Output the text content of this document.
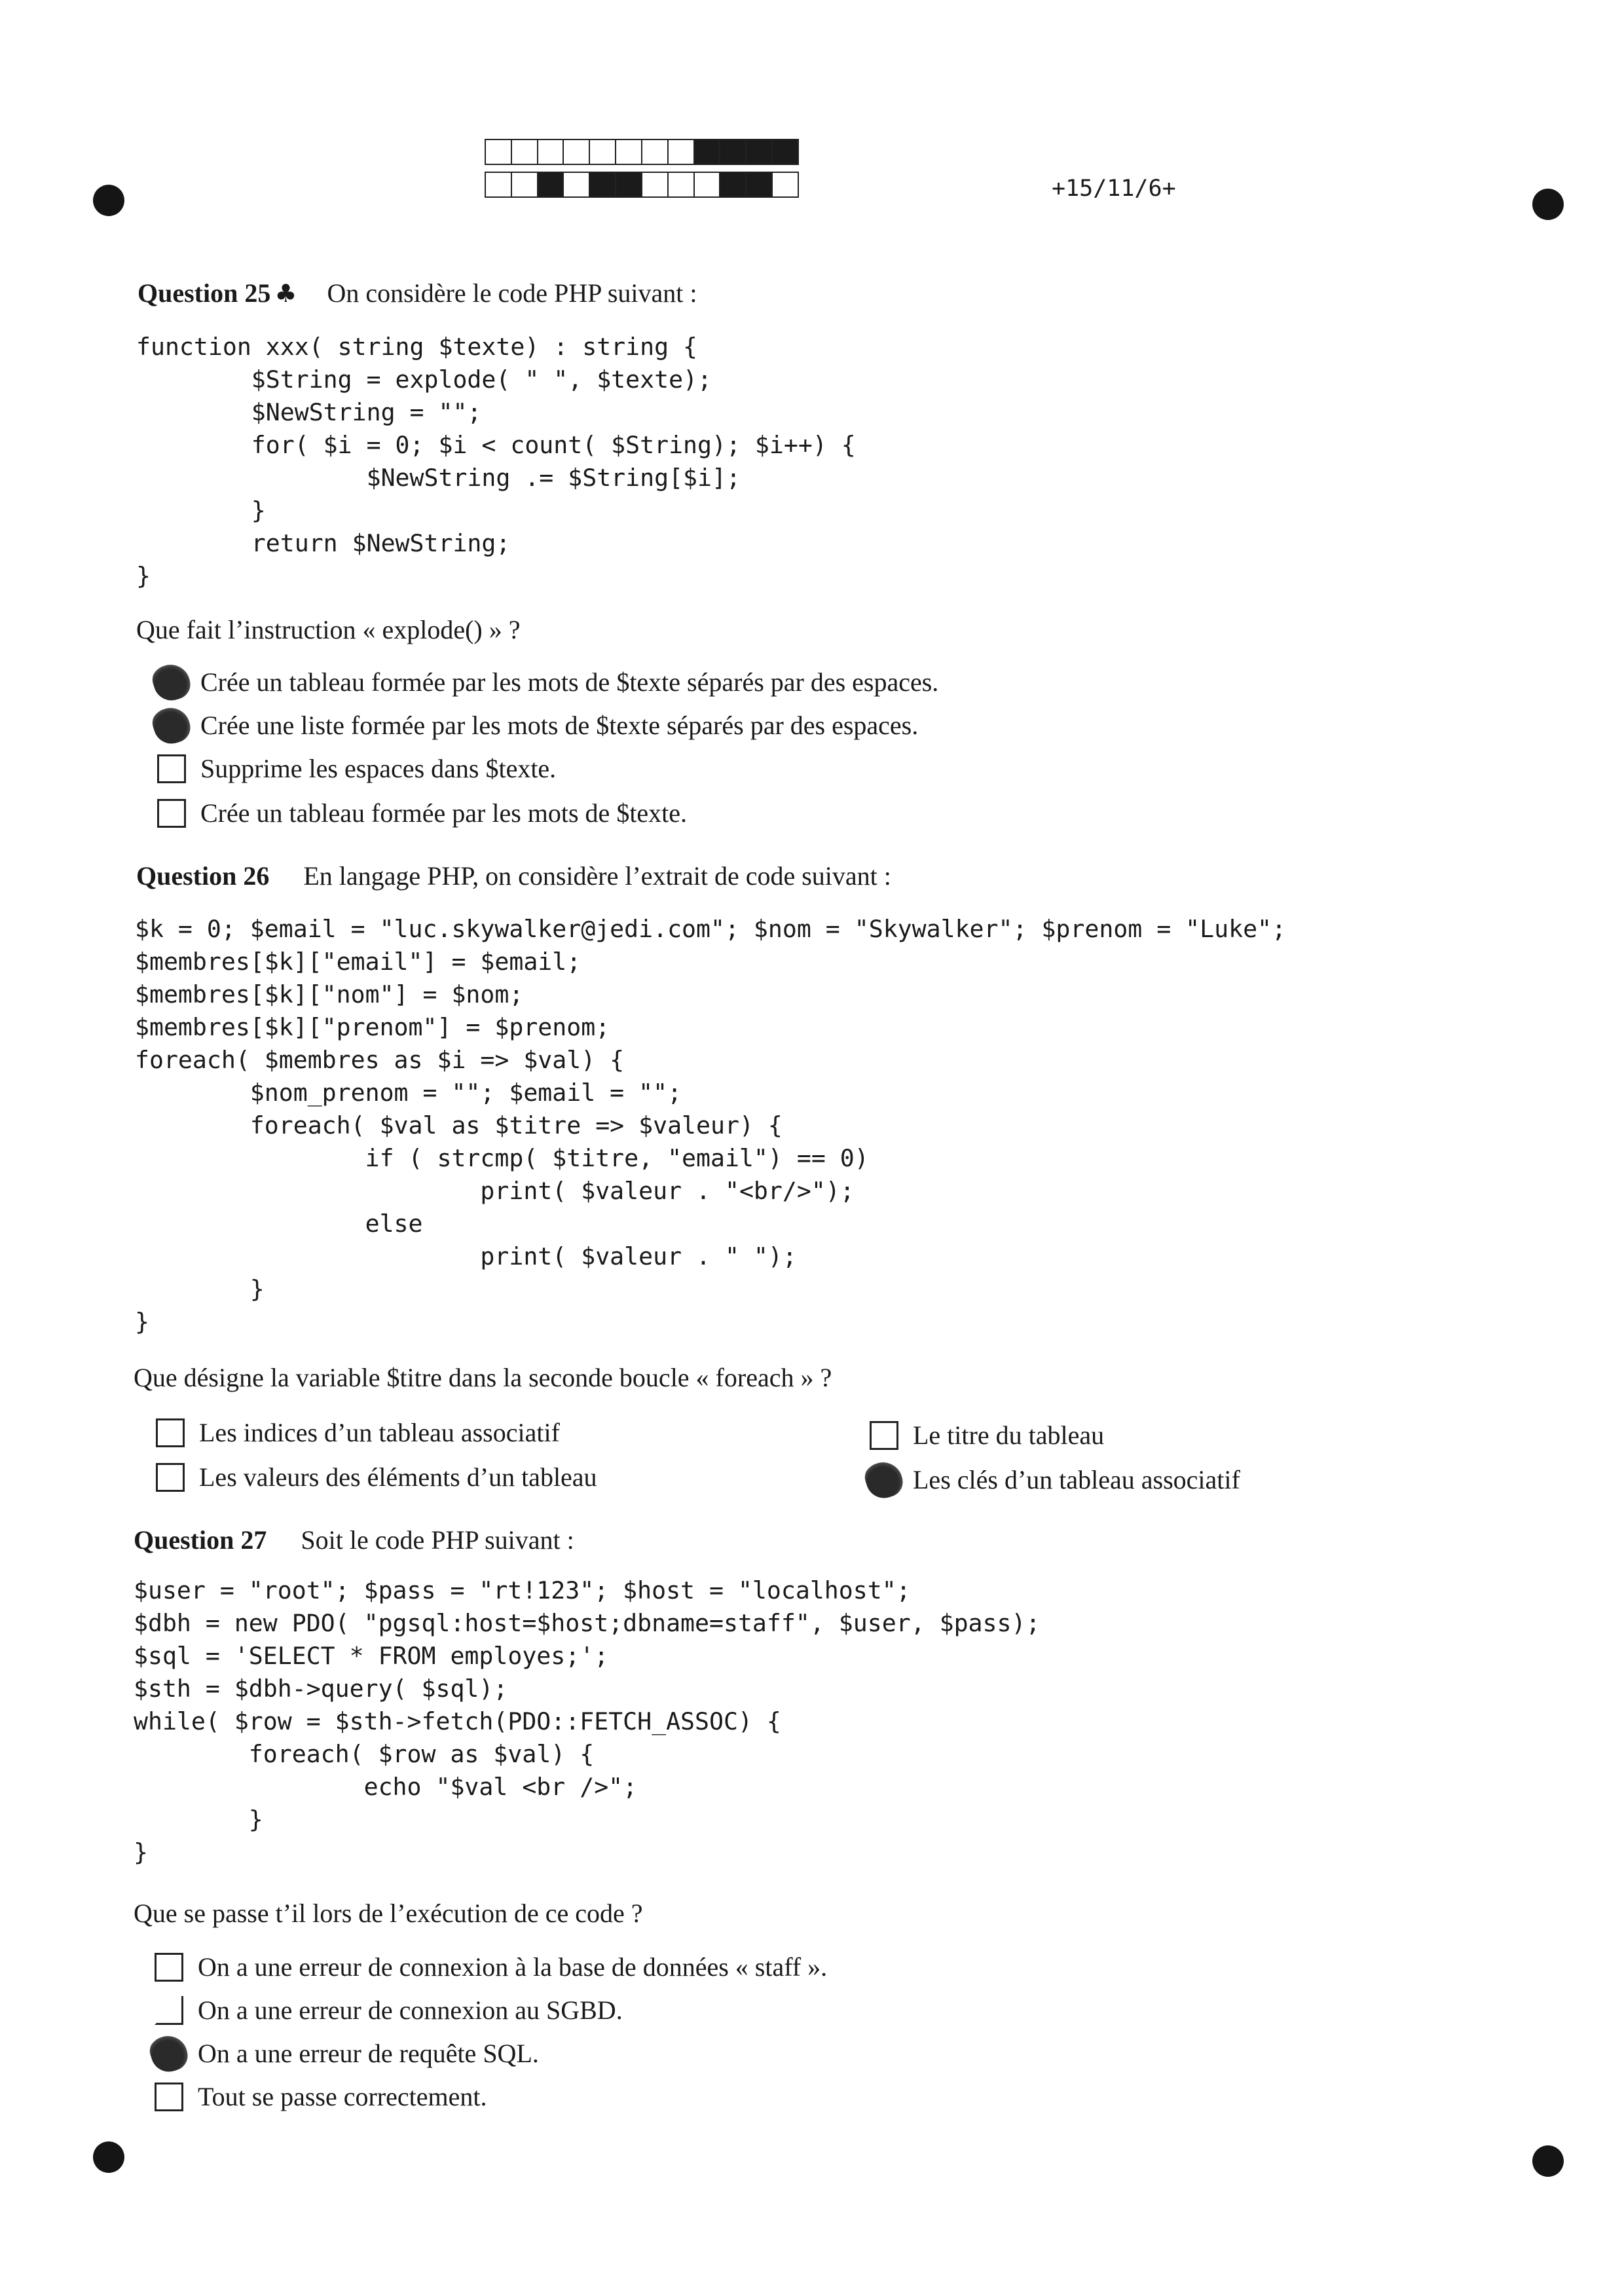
+15/11/6+
Question 25 ♣ On considère le code PHP suivant :
function xxx( string $texte) : string {
$String = explode( " ", $texte);
$NewString = "";
for( $i = 0; $i < count( $String); $i++) {
$NewString .= $String[$i];
}
return $NewString;
}
Que fait l’instruction « explode() » ?
Crée un tableau formée par les mots de $texte séparés par des espaces.
Crée une liste formée par les mots de $texte séparés par des espaces.
Supprime les espaces dans $texte.
Crée un tableau formée par les mots de $texte.
Question 26 En langage PHP, on considère l’extrait de code suivant :
$k = 0; $email = "luc.skywalker@jedi.com"; $nom = "Skywalker"; $prenom = "Luke";
$membres[$k]["email"] = $email;
$membres[$k]["nom"] = $nom;
$membres[$k]["prenom"] = $prenom;
foreach( $membres as $i => $val) {
$nom_prenom = ""; $email = "";
foreach( $val as $titre => $valeur) {
if ( strcmp( $titre, "email") == 0)
print( $valeur . "<br/>");
else
print( $valeur . " ");
}
}
Que désigne la variable $titre dans la seconde boucle « foreach » ?
Les indices d’un tableau associatif
Les valeurs des éléments d’un tableau
Le titre du tableau
Les clés d’un tableau associatif
Question 27 Soit le code PHP suivant :
$user = "root"; $pass = "rt!123"; $host = "localhost";
$dbh = new PDO( "pgsql:host=$host;dbname=staff", $user, $pass);
$sql = 'SELECT * FROM employes;';
$sth = $dbh->query( $sql);
while( $row = $sth->fetch(PDO::FETCH_ASSOC) {
foreach( $row as $val) {
echo "$val <br />";
}
}
Que se passe t’il lors de l’exécution de ce code ?
On a une erreur de connexion à la base de données « staff ».
On a une erreur de connexion au SGBD.
On a une erreur de requête SQL.
Tout se passe correctement.
